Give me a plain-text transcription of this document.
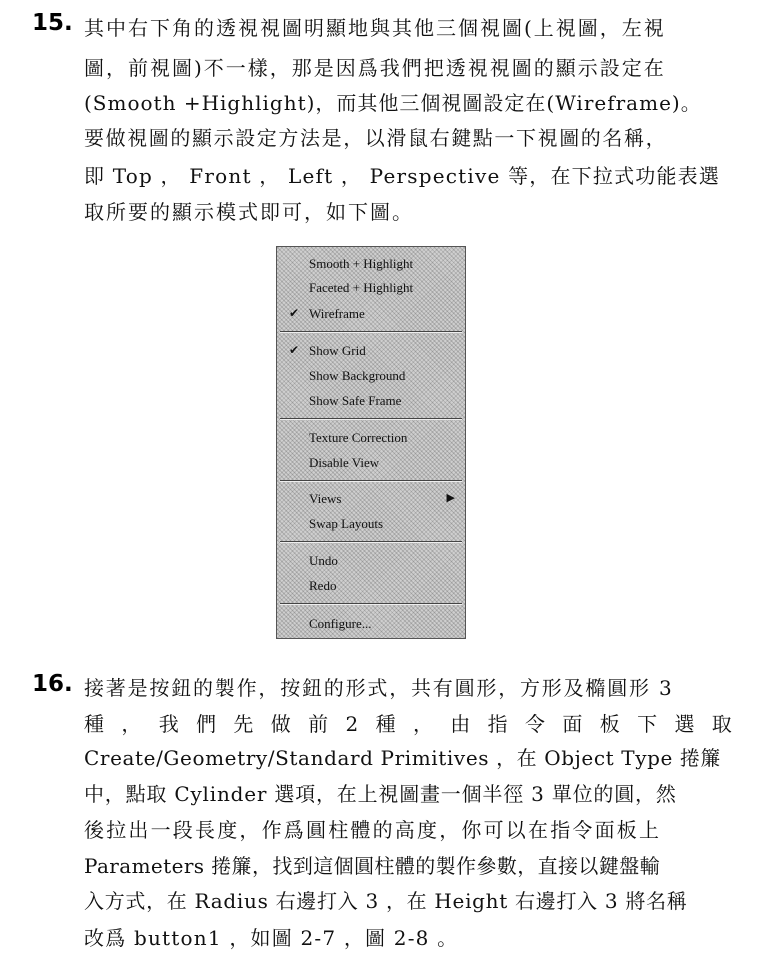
15. 其中右下角的透視視圖明顯地與其他三個視圖(上視圖，左視
圖，前視圖)不一樣，那是因爲我們把透視視圖的顯示設定在
(Smooth +Highlight)，而其他三個視圖設定在(Wireframe)。
要做視圖的顯示設定方法是，以滑鼠右鍵點一下視圖的名稱，
即 Top ， Front ， Left ， Perspective 等，在下拉式功能表選
取所要的顯示模式即可，如下圖。
Smooth + Highlight
Faceted + Highlight
✔ Wireframe
✔ Show Grid
Show Background
Show Safe Frame
Texture Correction
Disable View
Views	▶
Swap Layouts
Undo
Redo
Configure...
16. 接著是按鈕的製作，按鈕的形式，共有圓形，方形及橢圓形 3
種 ， 我 們 先 做 前 2 種 ， 由 指 令 面 板 下 選 取
Create/Geometry/Standard Primitives ，在 Object Type 捲簾
中，點取 Cylinder 選項，在上視圖畫一個半徑 3 單位的圓，然
後拉出一段長度，作爲圓柱體的高度，你可以在指令面板上
Parameters 捲簾，找到這個圓柱體的製作參數，直接以鍵盤輸
入方式，在 Radius 右邊打入 3 ，在 Height 右邊打入 3 將名稱
改爲 button1 ，如圖 2-7 ，圖 2-8 。
